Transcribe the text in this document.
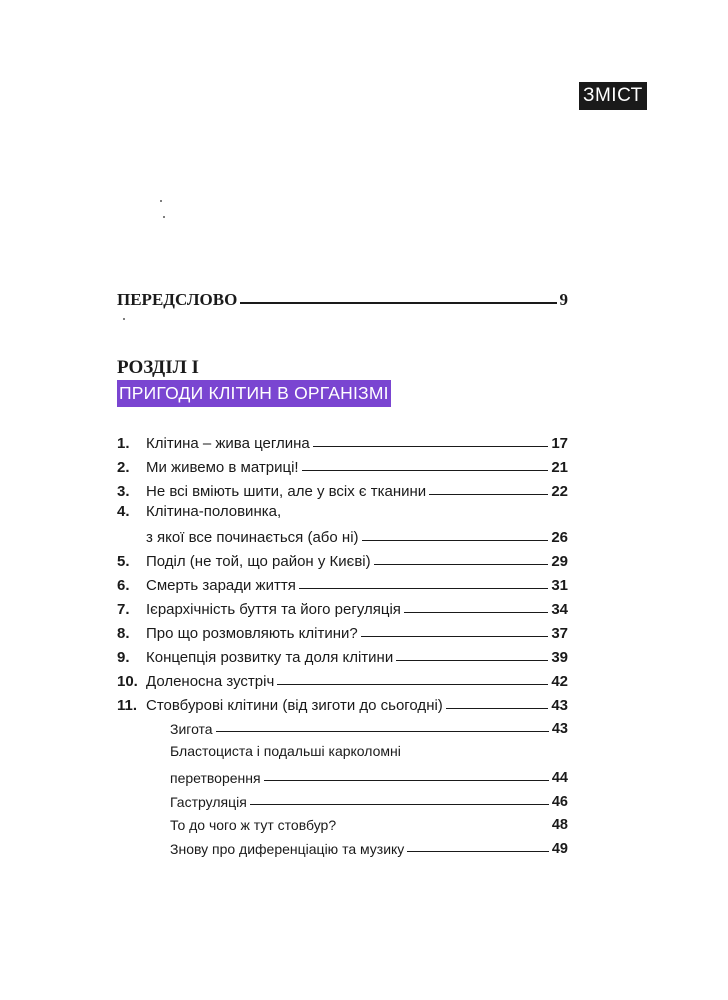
ЗМІСТ
ПЕРЕДСЛОВО	9
РОЗДІЛ І
ПРИГОДИ КЛІТИН В ОРГАНІЗМІ
1. Клітина – жива цеглина	17
2. Ми живемо в матриці!	21
3. Не всі вміють шити, але у всіх є тканини	22
4. Клітина-половинка,
з якої все починається (або ні)	26
5. Поділ (не той, що район у Києві)	29
6. Смерть заради життя	31
7. Ієрархічність буття та його регуляція	34
8. Про що розмовляють клітини?	37
9. Концепція розвитку та доля клітини	39
10. Доленосна зустріч	42
11. Стовбурові клітини (від зиготи до сьогодні)	43
Зигота	43
Бластоциста і подальші карколомні
перетворення	44
Гаструляція	46
То до чого ж тут стовбур?	48
Знову про диференціацію та музику	49
